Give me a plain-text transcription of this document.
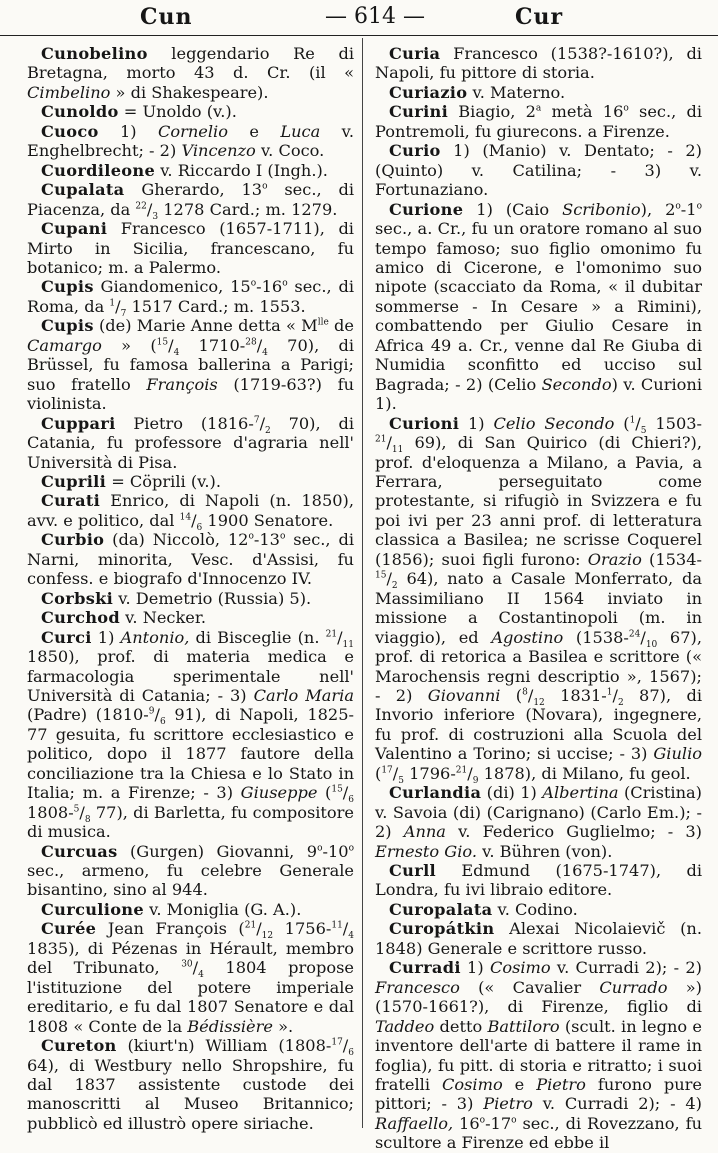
Cun	— 614 —	Cur

Cunobelino leggendario Re di Bretagna, morto 43 d. Cr. (il « Cimbelino » di Shakespeare).

Cunoldo = Unoldo (v.).

Cuoco 1) Cornelio e Luca v. Enghelbrecht; - 2) Vincenzo v. Coco.

Cuordileone v. Riccardo I (Ingh.).

Cupalata Gherardo, 13$^o$ sec., di Piacenza, da $^{22}/_3$ 1278 Card.; m. 1279.

Cupani Francesco (1657-1711), di Mirto in Sicilia, francescano, fu botanico; m. a Palermo.

Cupis Giandomenico, 15$^o$-16$^o$ sec., di Roma, da $^1/_7$ 1517 Card.; m. 1553.

Cupis (de) Marie Anne detta « $M^{lle}$ de Camargo » ($^{15}/_4$ $1710-^{28}/_4$ 70), di Brüssel, fu famosa ballerina a Parigi; suo fratello François (1719-63?) fu violinista.

Cuppari Pietro ($1816-^7/_2$ 70), di Catania, fu professore d'agraria nell' Università di Pisa.

Cuprili = Cöprili (v.).

Curati Enrico, di Napoli (n. 1850), avv. e politico, dal $^{14}/_6$ 1900 Senatore.

Curbio (da) Niccolò, 12$^o$-13$^o$ sec., di Narni, minorita, Vesc. d'Assisi, fu confess. e biografo d'Innocenzo IV.

Corbski v. Demetrio (Russia) 5).

Curchod v. Necker.

Curci 1) Antonio, di Bisceglie (n. $^{21}/_{11}$ 1850), prof. di materia medica e farmacologia sperimentale nell' Università di Catania; - 3) Carlo Maria (Padre) ($1810-^9/_6$ 91), di Napoli, 1825-77 gesuita, fu scrittore ecclesiastico e politico, dopo il 1877 fautore della conciliazione tra la Chiesa e lo Stato in Italia; m. a Firenze; - 3) Giuseppe ($^{15}/_6$ $1808-^5/_8$ 77), di Barletta, fu compositore di musica.

Curcuas (Gurgen) Giovanni, 9$^o$-10$^o$ sec., armeno, fu celebre Generale bisantino, sino al 944.

Curculione v. Moniglia (G. A.).

Curée Jean François ($^{21}/_{12}$ $1756-^{11}/_4$ 1835), di Pézenas in Hérault, membro del Tribunato, $^{30}/_4$ 1804 propose l'istituzione del potere imperiale ereditario, e fu dal 1807 Senatore e dal 1808 « Conte de la Bédissière ».

Cureton (kiurt'n) William ($1808-^{17}/_6$ 64), di Westbury nello Shropshire, fu dal 1837 assistente custode dei manoscritti al Museo Britannico; pubblicò ed illustrò opere siriache.

Curia Francesco (1538?-1610?), di Napoli, fu pittore di storia.

Curiazio v. Materno.

Curini Biagio, 2$^a$ metà 16$^o$ sec., di Pontremoli, fu giurecons. a Firenze.

Curio 1) (Manio) v. Dentato; - 2) (Quinto) v. Catilina; - 3) v. Fortunaziano.

Curione 1) (Caio Scribonio), 2$^o$-1$^o$ sec., a. Cr., fu un oratore romano al suo tempo famoso; suo figlio omonimo fu amico di Cicerone, e l'omonimo suo nipote (scacciato da Roma, « il dubitar sommerse - In Cesare » a Rimini), combattendo per Giulio Cesare in Africa 49 a. Cr., venne dal Re Giuba di Numidia sconfitto ed ucciso sul Bagrada; - 2) (Celio Secondo) v. Curioni 1).

Curioni 1) Celio Secondo ($^1/_5$ $1503-^{21}/_{11}$ 69), di San Quirico (di Chieri?), prof. d'eloquenza a Milano, a Pavia, a Ferrara, perseguitato come protestante, si rifugiò in Svizzera e fu poi ivi per 23 anni prof. di letteratura classica a Basilea; ne scrisse Coquerel (1856); suoi figli furono: Orazio ($1534-^{15}/_2$ 64), nato a Casale Monferrato, da Massimiliano II 1564 inviato in missione a Costantinopoli (m. in viaggio), ed Agostino ($1538-^{24}/_{10}$ 67), prof. di retorica a Basilea e scrittore (« Marochensis regni descriptio », 1567); - 2) Giovanni ($^8/_{12}$ $1831-^1/_2$ 87), di Invorio inferiore (Novara), ingegnere, fu prof. di costruzioni alla Scuola del Valentino a Torino; si uccise; - 3) Giulio ($^{17}/_5$ $1796-^{21}/_9$ 1878), di Milano, fu geol.

Curlandia (di) 1) Albertina (Cristina) v. Savoia (di) (Carignano) (Carlo Em.); - 2) Anna v. Federico Guglielmo; - 3) Ernesto Gio. v. Bühren (von).

Curll Edmund (1675-1747), di Londra, fu ivi libraio editore.

Curopalata v. Codino.

Curopátkin Alexai Nicolaievič (n. 1848) Generale e scrittore russo.

Curradi 1) Cosimo v. Curradi 2); - 2) Francesco (« Cavalier Currado ») (1570-1661?), di Firenze, figlio di Taddeo detto Battiloro (scult. in legno e inventore dell'arte di battere il rame in foglia), fu pitt. di storia e ritratto; i suoi fratelli Cosimo e Pietro furono pure pittori; - 3) Pietro v. Curradi 2); - 4) Raffaello, 16$^o$-17$^o$ sec., di Rovezzano, fu scultore a Firenze ed ebbe il
